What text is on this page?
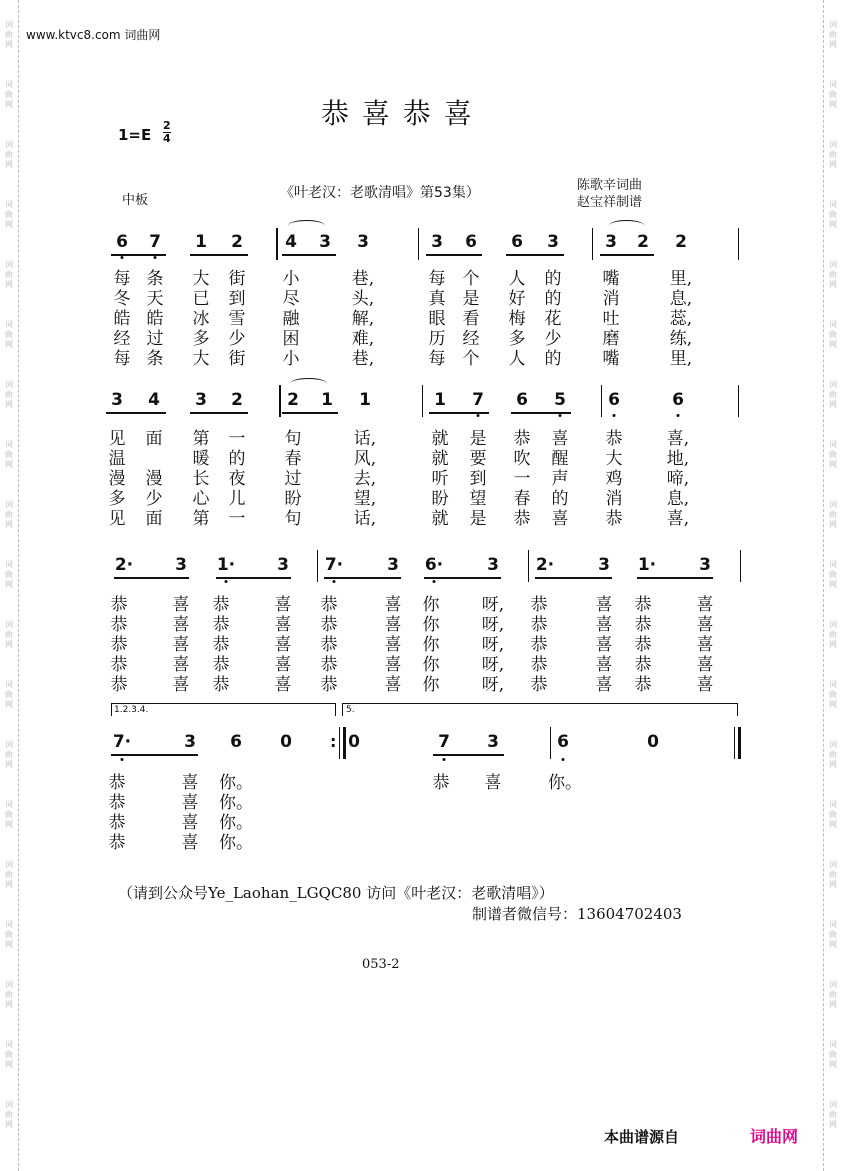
词
曲
网
词
曲
网
词
曲
网
词
曲
网
词
曲
网
词
曲
网
词
曲
网
词
曲
网
词
曲
网
词
曲
网
词
曲
网
词
曲
网
词
曲
网
词
曲
网
词
曲
网
词
曲
网
词
曲
网
词
曲
网
词
曲
网
词
曲
网
词
曲
网
词
曲
网
词
曲
网
词
曲
网
词
曲
网
词
曲
网
词
曲
网
词
曲
网
词
曲
网
词
曲
网
词
曲
网
词
曲
网
词
曲
网
词
曲
网
词
曲
网
词
曲
网
词
曲
网
词
曲
网
www.ktvc8.com 词曲网
恭 喜 恭 喜
1=E
2
4
中板	《叶老汉：老歌清唱》第53集）	陈歌辛词曲
赵宝祥制谱
6 7 1 2 4 3 3	3 6 6 3	3 2 2
每 条 大 街 小	巷,	每 个 人 的 嘴	里,
冬 天 已 到 尽	头,	真 是 好 的 消	息,
皓 皓 冰 雪 融	解,	眼 看 梅 花 吐	蕊,
经 过 多 少 困	难,	历 经 多 少 磨	练,
每 条 大 街 小	巷,	每 个 人 的 嘴	里,
3 4 3 2	2 1 1	1 7 6 5 6	6
见 面 第 一 句	话,	就 是 恭 喜 恭	喜,
温	暖 的 春	风,	就 要 吹 醒 大	地,
漫 漫 长 夜 过	去,	听 到 一 声 鸡	啼,
多 少 心 儿 盼	望,	盼 望 春 的 消	息,
见 面 第 一 句	话,	就 是 恭 喜 恭	喜,
2· 3 1· 3 7·	3 6·	3 2·	3 1·	3
恭	喜 恭	喜 恭	喜 你 呀, 恭	喜 恭	喜
恭	喜 恭	喜 恭	喜 你 呀, 恭	喜 恭	喜
恭	喜 恭	喜 恭	喜 你 呀, 恭	喜 恭	喜
恭	喜 恭	喜 恭	喜 你 呀, 恭	喜 恭	喜
恭	喜 恭	喜 恭	喜 你 呀, 恭	喜 恭	喜
1.2.3.4.	5.
7·	3 6 0	0	7 3	6	0
:
恭	喜 你。
恭	喜 你。
恭	喜 你。
恭	喜 你。
恭 喜	你。
（请到公众号Ye_Laohan_LGQC80 访问《叶老汉：老歌清唱》）
制谱者微信号：13604702403
053-2
本曲谱源自	词曲网
